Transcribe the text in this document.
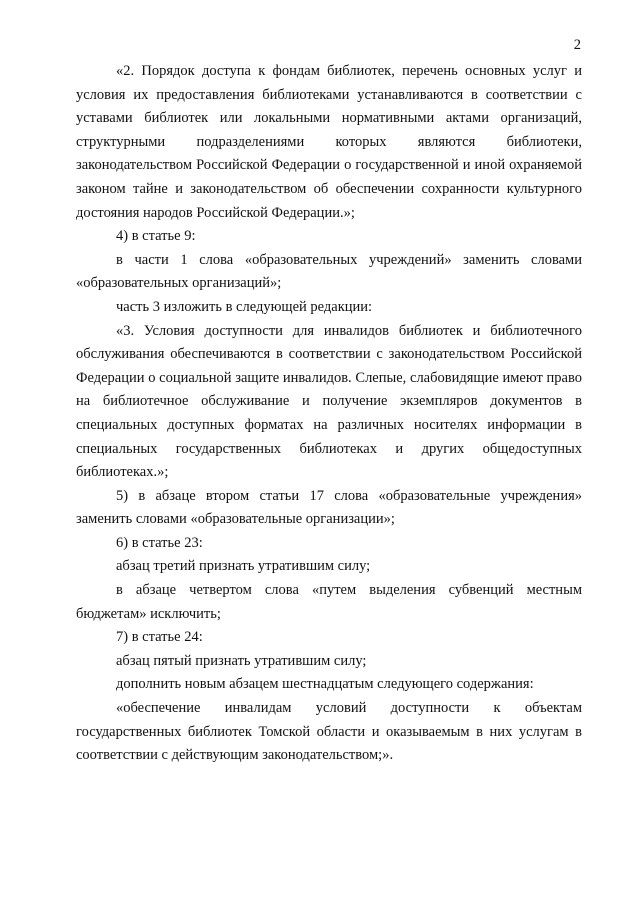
2

«2. Порядок доступа к фондам библиотек, перечень основных услуг и условия их предоставления библиотеками устанавливаются в соответствии с уставами библиотек или локальными нормативными актами организаций, структурными подразделениями которых являются библиотеки, законодательством Российской Федерации о государственной и иной охраняемой законом тайне и законодательством об обеспечении сохранности культурного достояния народов Российской Федерации.»;

4) в статье 9:

в части 1 слова «образовательных учреждений» заменить словами «образовательных организаций»;

часть 3 изложить в следующей редакции:

«3. Условия доступности для инвалидов библиотек и библиотечного обслуживания обеспечиваются в соответствии с законодательством Российской Федерации о социальной защите инвалидов. Слепые, слабовидящие имеют право на библиотечное обслуживание и получение экземпляров документов в специальных доступных форматах на различных носителях информации в специальных государственных библиотеках и других общедоступных библиотеках.»;

5) в абзаце втором статьи 17 слова «образовательные учреждения» заменить словами «образовательные организации»;

6) в статье 23:

абзац третий признать утратившим силу;

в абзаце четвертом слова «путем выделения субвенций местным бюджетам» исключить;

7) в статье 24:

абзац пятый признать утратившим силу;

дополнить новым абзацем шестнадцатым следующего содержания:

«обеспечение инвалидам условий доступности к объектам государственных библиотек Томской области и оказываемым в них услугам в соответствии с действующим законодательством;».
